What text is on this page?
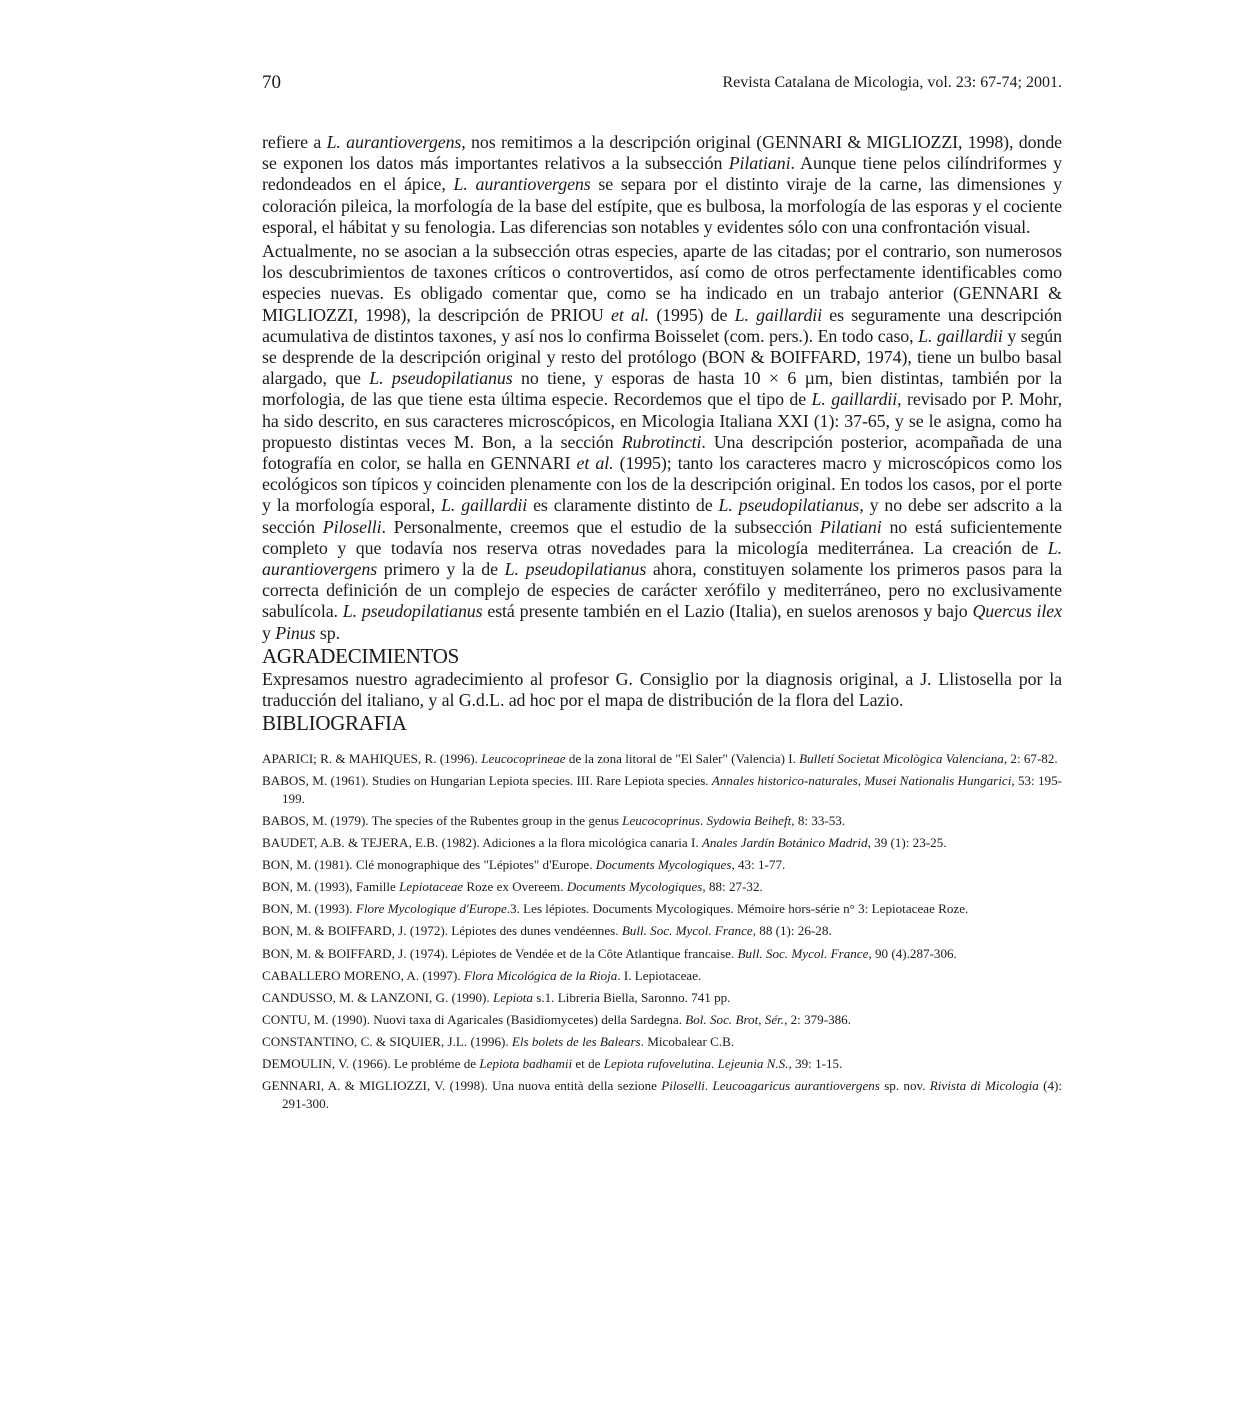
70	Revista Catalana de Micologia, vol. 23: 67-74; 2001.

refiere a L. aurantiovergens, nos remitimos a la descripción original (GENNARI & MIGLIOZZI, 1998), donde se exponen los datos más importantes relativos a la subsección Pilatiani. Aunque tiene pelos cilíndriformes y redondeados en el ápice, L. aurantiovergens se separa por el distinto viraje de la carne, las dimensiones y coloración pileica, la morfología de la base del estípite, que es bulbosa, la morfología de las esporas y el cociente esporal, el hábitat y su fenologia. Las diferencias son notables y evidentes sólo con una confrontación visual.

Actualmente, no se asocian a la subsección otras especies, aparte de las citadas; por el contrario, son numerosos los descubrimientos de taxones críticos o controvertidos, así como de otros perfectamente identificables como especies nuevas. Es obligado comentar que, como se ha indicado en un trabajo anterior (GENNARI & MIGLIOZZI, 1998), la descripción de PRIOU et al. (1995) de L. gaillardii es seguramente una descripción acumulativa de distintos taxones, y así nos lo confirma Boisselet (com. pers.). En todo caso, L. gaillardii y según se desprende de la descripción original y resto del protólogo (BON & BOIFFARD, 1974), tiene un bulbo basal alargado, que L. pseudopilatianus no tiene, y esporas de hasta 10 × 6 µm, bien distintas, también por la morfologia, de las que tiene esta última especie. Recordemos que el tipo de L. gaillardii, revisado por P. Mohr, ha sido descrito, en sus caracteres microscópicos, en Micologia Italiana XXI (1): 37-65, y se le asigna, como ha propuesto distintas veces M. Bon, a la sección Rubrotincti. Una descripción posterior, acompañada de una fotografía en color, se halla en GENNARI et al. (1995); tanto los caracteres macro y microscópicos como los ecológicos son típicos y coinciden plenamente con los de la descripción original. En todos los casos, por el porte y la morfología esporal, L. gaillardii es claramente distinto de L. pseudopilatianus, y no debe ser adscrito a la sección Piloselli. Personalmente, creemos que el estudio de la subsección Pilatiani no está suficientemente completo y que todavía nos reserva otras novedades para la micología mediterránea. La creación de L. aurantiovergens primero y la de L. pseudopilatianus ahora, constituyen solamente los primeros pasos para la correcta definición de un complejo de especies de carácter xerófilo y mediterráneo, pero no exclusivamente sabulícola. L. pseudopilatianus está presente también en el Lazio (Italia), en suelos arenosos y bajo Quercus ilex y Pinus sp.

AGRADECIMIENTOS

Expresamos nuestro agradecimiento al profesor G. Consiglio por la diagnosis original, a J. Llistosella por la traducción del italiano, y al G.d.L. ad hoc por el mapa de distribución de la flora del Lazio.

BIBLIOGRAFIA
APARICI; R. & MAHIQUES, R. (1996). Leucocoprineae de la zona litoral de "El Saler" (Valencia) I. Bulletí Societat Micològica Valenciana, 2: 67-82.
BABOS, M. (1961). Studies on Hungarian Lepiota species. III. Rare Lepiota species. Annales historico-naturales, Musei Nationalis Hungarici, 53: 195-199.
BABOS, M. (1979). The species of the Rubentes group in the genus Leucocoprinus. Sydowia Beiheft, 8: 33-53.
BAUDET, A.B. & TEJERA, E.B. (1982). Adiciones a la flora micológica canaria I. Anales Jardín Botánico Madrid, 39 (1): 23-25.
BON, M. (1981). Clé monographique des "Lépiotes" d'Europe. Documents Mycologiques, 43: 1-77.
BON, M. (1993), Famille Lepiotaceae Roze ex Overeem. Documents Mycologiques, 88: 27-32.
BON, M. (1993). Flore Mycologique d'Europe.3. Les lépiotes. Documents Mycologiques. Mémoire hors-série n° 3: Lepiotaceae Roze.
BON, M. & BOIFFARD, J. (1972). Lépiotes des dunes vendéennes. Bull. Soc. Mycol. France, 88 (1): 26-28.
BON, M. & BOIFFARD, J. (1974). Lépiotes de Vendée et de la Côte Atlantique francaise. Bull. Soc. Mycol. France, 90 (4).287-306.
CABALLERO MORENO, A. (1997). Flora Micológica de la Rioja. I. Lepiotaceae.
CANDUSSO, M. & LANZONI, G. (1990). Lepiota s.1. Libreria Biella, Saronno. 741 pp.
CONTU, M. (1990). Nuovi taxa di Agaricales (Basidiomycetes) della Sardegna. Bol. Soc. Brot, Sér., 2: 379-386.
CONSTANTINO, C. & SIQUIER, J.L. (1996). Els bolets de les Balears. Micobalear C.B.
DEMOULIN, V. (1966). Le probléme de Lepiota badhamii et de Lepiota rufovelutina. Lejeunia N.S., 39: 1-15.
GENNARI, A. & MIGLIOZZI, V. (1998). Una nuova entità della sezione Piloselli. Leucoagaricus aurantiovergens sp. nov. Rivista di Micologia (4): 291-300.
